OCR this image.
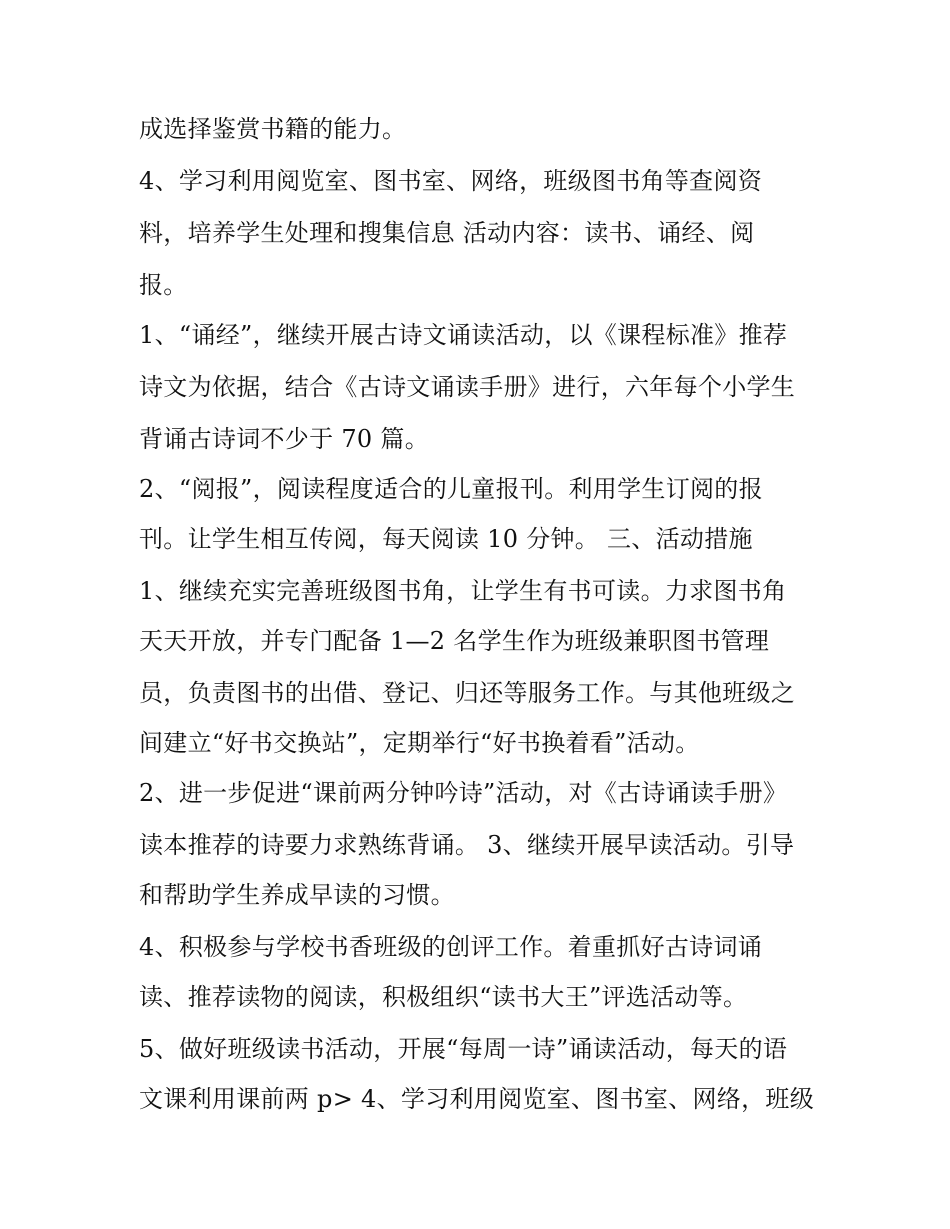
成选择鉴赏书籍的能力。
4、学习利用阅览室、图书室、网络，班级图书角等查阅资
料，培养学生处理和搜集信息 活动内容：读书、诵经、阅
报。
1、“诵经”，继续开展古诗文诵读活动，以《课程标准》推荐
诗文为依据，结合《古诗文诵读手册》进行，六年每个小学生
背诵古诗词不少于 70 篇。
2、“阅报”，阅读程度适合的儿童报刊。利用学生订阅的报
刊。让学生相互传阅，每天阅读 10 分钟。 三、活动措施
1、继续充实完善班级图书角，让学生有书可读。力求图书角
天天开放，并专门配备 1—2 名学生作为班级兼职图书管理
员，负责图书的出借、登记、归还等服务工作。与其他班级之
间建立“好书交换站”，定期举行“好书换着看”活动。
2、进一步促进“课前两分钟吟诗”活动，对《古诗诵读手册》
读本推荐的诗要力求熟练背诵。 3、继续开展早读活动。引导
和帮助学生养成早读的习惯。
4、积极参与学校书香班级的创评工作。着重抓好古诗词诵
读、推荐读物的阅读，积极组织“读书大王”评选活动等。
5、做好班级读书活动，开展“每周一诗”诵读活动，每天的语
文课利用课前两 p> 4、学习利用阅览室、图书室、网络，班级
